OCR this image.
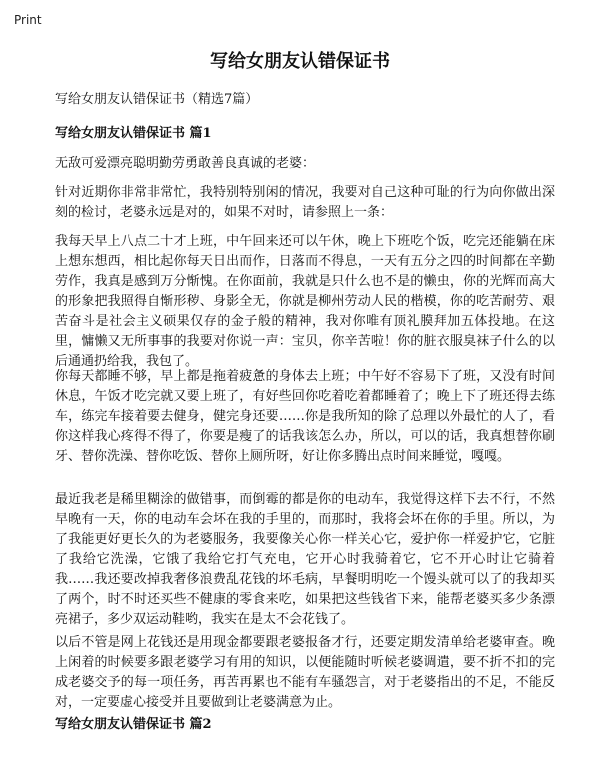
Print
写给女朋友认错保证书
写给女朋友认错保证书（精选7篇）
写给女朋友认错保证书 篇1
无敌可爱漂亮聪明勤劳勇敢善良真诚的老婆：
针对近期你非常非常忙，我特别特别闲的情况，我要对自己这种可耻的行为向你做出深刻的检讨，老婆永远是对的，如果不对时，请参照上一条：
我每天早上八点二十才上班，中午回来还可以午休，晚上下班吃个饭，吃完还能躺在床上想东想西，相比起你每天日出而作，日落而不得息，一天有五分之四的时间都在辛勤劳作，我真是感到万分惭愧。在你面前，我就是只什么也不是的懒虫，你的光辉而高大的形象把我照得自惭形秽、身影全无，你就是柳州劳动人民的楷模，你的吃苦耐劳、艰苦奋斗是社会主义硕果仅存的金子般的精神，我对你唯有顶礼膜拜加五体投地。在这里，慵懒又无所事事的我要对你说一声：宝贝，你辛苦啦！你的脏衣服臭袜子什么的以后通通扔给我，我包了。
你每天都睡不够，早上都是拖着疲惫的身体去上班；中午好不容易下了班，又没有时间休息，午饭才吃完就又要上班了，有好些回你吃着吃着都睡着了；晚上下了班还得去练车，练完车接着要去健身，健完身还要……你是我所知的除了总理以外最忙的人了，看你这样我心疼得不得了，你要是瘦了的话我该怎么办，所以，可以的话，我真想替你刷牙、替你洗澡、替你吃饭、替你上厕所呀，好让你多腾出点时间来睡觉，嘎嘎。
最近我老是稀里糊涂的做错事，而倒霉的都是你的电动车，我觉得这样下去不行，不然早晚有一天，你的电动车会坏在我的手里的，而那时，我将会坏在你的手里。所以，为了我能更好更长久的为老婆服务，我要像关心你一样关心它，爱护你一样爱护它，它脏了我给它洗澡，它饿了我给它打气充电，它开心时我骑着它，它不开心时让它骑着我……我还要改掉我奢侈浪费乱花钱的坏毛病，早餐明明吃一个馒头就可以了的我却买了两个，时不时还买些不健康的零食来吃，如果把这些钱省下来，能帮老婆买多少条漂亮裙子，多少双运动鞋哟，我实在是太不会花钱了。
以后不管是网上花钱还是用现金都要跟老婆报备才行，还要定期发清单给老婆审查。晚上闲着的时候要多跟老婆学习有用的知识，以便能随时听候老婆调遣，要不折不扣的完成老婆交予的每一项任务，再苦再累也不能有车骚怨言，对于老婆指出的不足，不能反对，一定要虚心接受并且要做到让老婆满意为止。
写给女朋友认错保证书 篇2
